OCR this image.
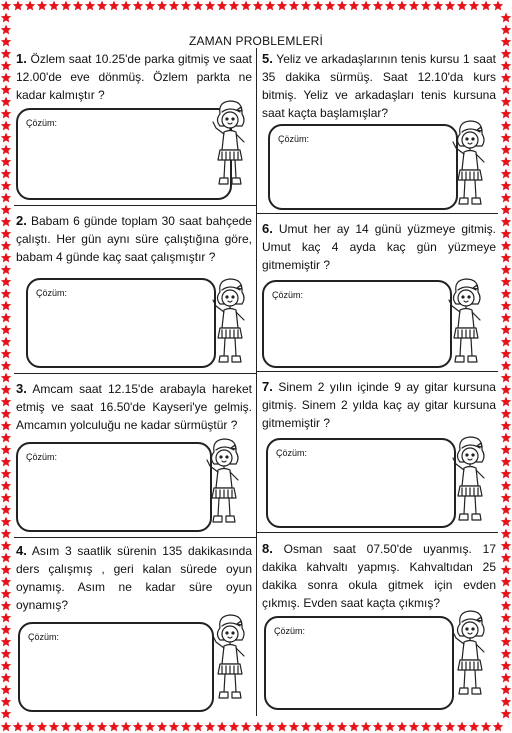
ZAMAN PROBLEMLERİ
1. Özlem saat 10.25'de parka gitmiş ve saat 12.00'de eve dönmüş. Özlem parkta ne kadar kalmıştır ?
Çözüm:
2. Babam 6 günde toplam 30 saat bahçede çalıştı. Her gün aynı süre çalıştığına göre, babam 4 günde kaç saat çalışmıştır ?
Çözüm:
3. Amcam saat 12.15'de arabayla hareket etmiş ve saat 16.50'de Kayseri'ye gelmiş. Amcamın yolculuğu ne kadar sürmüştür ?
Çözüm:
4. Asım 3 saatlik sürenin 135 dakikasında ders çalışmış , geri kalan sürede oyun oynamış. Asım ne kadar süre oyun oynamış?
Çözüm:
5. Yeliz ve arkadaşlarının tenis kursu 1 saat 35 dakika sürmüş. Saat 12.10'da kurs bitmiş. Yeliz ve arkadaşları tenis kursuna saat kaçta başlamışlar?
Çözüm:
6. Umut her ay 14 günü yüzmeye gitmiş. Umut kaç 4 ayda kaç gün yüzmeye gitmemiştir ?
Çözüm:
7. Sinem 2 yılın içinde 9 ay gitar kursuna gitmiş. Sinem 2 yılda kaç ay gitar kursuna gitmemiştir ?
Çözüm:
8. Osman saat 07.50'de uyanmış. 17 dakika kahvaltı yapmış. Kahvaltıdan 25 dakika sonra okula gitmek için evden çıkmış. Evden saat kaçta çıkmış?
Çözüm:
